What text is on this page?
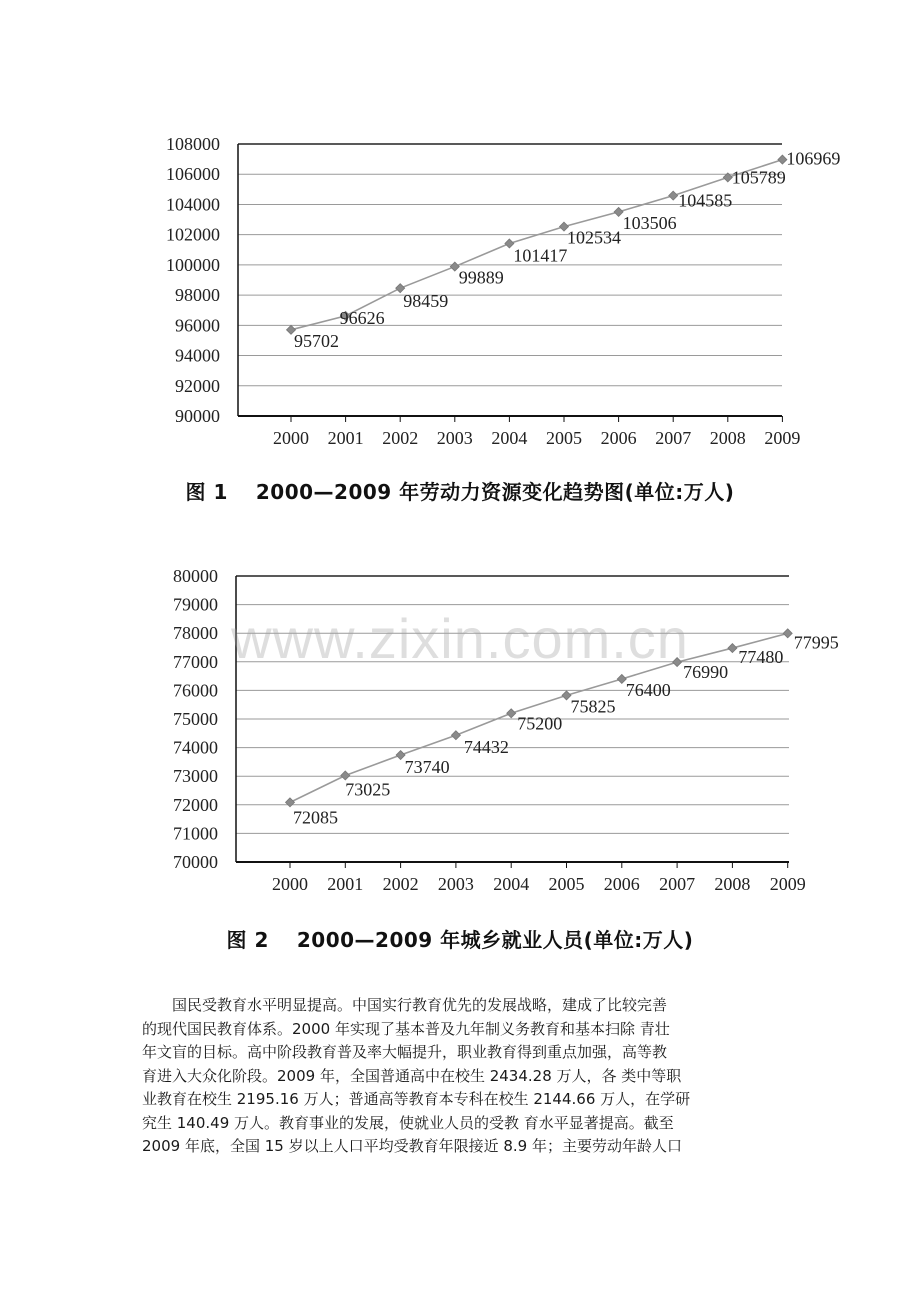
90000
92000
94000
96000
98000
100000
102000
104000
106000
108000
2000 2001 2002 2003 2004 2005 2006 2007 2008 2009
95702
96626
98459
99889
101417
102534
103506
104585
105789
106969
图 1　 2000—2009 年劳动力资源变化趋势图(单位:万人)
70000
71000
72000
73000
74000
75000
76000
77000
78000
79000
80000
2000 2001 2002 2003 2004 2005 2006 2007 2008 2009
72085
73025
73740
74432
75200
75825
76400
76990
77480
77995
www.zixin.com.cn
图 2　 2000—2009 年城乡就业人员(单位:万人)
　　国民受教育水平明显提高。中国实行教育优先的发展战略，建成了比较完善
的现代国民教育体系。2000 年实现了基本普及九年制义务教育和基本扫除 青壮
年文盲的目标。高中阶段教育普及率大幅提升，职业教育得到重点加强，高等教
育进入大众化阶段。2009 年，全国普通高中在校生 2434.28 万人，各 类中等职
业教育在校生 2195.16 万人；普通高等教育本专科在校生 2144.66 万人，在学研
究生 140.49 万人。教育事业的发展，使就业人员的受教 育水平显著提高。截至
2009 年底，全国 15 岁以上人口平均受教育年限接近 8.9 年；主要劳动年龄人口
